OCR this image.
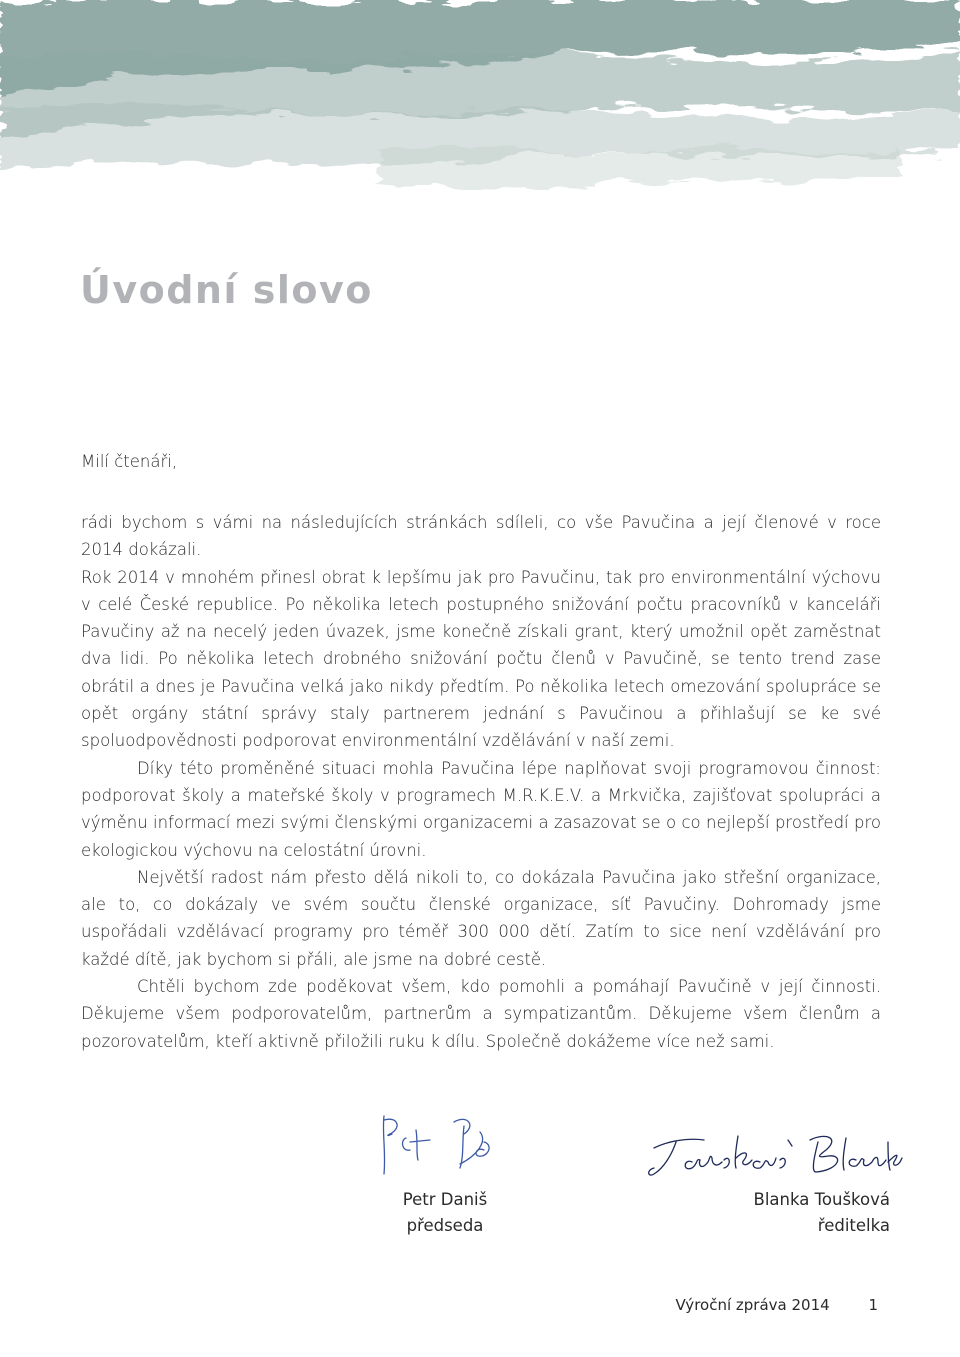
Úvodní slovo

Milí čtenáři,

rádi bychom s vámi na následujících stránkách sdíleli, co vše Pavučina a její členové v roce 2014 dokázali.

Rok 2014 v mnohém přinesl obrat k lepšímu jak pro Pavučinu, tak pro environmentální výchovu v celé České republice. Po několika letech postupného snižování počtu pracovníků v kanceláři Pavučiny až na necelý jeden úvazek, jsme konečně získali grant, který umožnil opět zaměstnat dva lidi. Po několika letech drobného snižování počtu členů v Pavučině, se tento trend zase obrátil a dnes je Pavučina velká jako nikdy předtím. Po několika letech omezování spolupráce se opět orgány státní správy staly partnerem jednání s Pavučinou a přihlašují se ke své spoluodpovědnosti podporovat environmentální vzdělávání v naší zemi.

Díky této proměněné situaci mohla Pavučina lépe naplňovat svoji programovou činnost: podporovat školy a mateřské školy v programech M.R.K.E.V. a Mrkvička, zajišťovat spolupráci a výměnu informací mezi svými členskými organizacemi a zasazovat se o co nejlepší prostředí pro ekologickou výchovu na celostátní úrovni.

Největší radost nám přesto dělá nikoli to, co dokázala Pavučina jako střešní organizace, ale to, co dokázaly ve svém součtu členské organizace, síť Pavučiny. Dohromady jsme uspořádali vzdělávací programy pro téměř 300 000 dětí. Zatím to sice není vzdělávání pro každé dítě, jak bychom si přáli, ale jsme na dobré cestě.

Chtěli bychom zde poděkovat všem, kdo pomohli a pomáhají Pavučině v její činnosti. Děkujeme všem podporovatelům, partnerům a sympatizantům. Děkujeme všem členům a pozorovatelům, kteří aktivně přiložili ruku k dílu. Společně dokážeme více než sami.

Petr Daniš
předseda
Blanka Toušková
ředitelka
Výroční zpráva 2014	1
